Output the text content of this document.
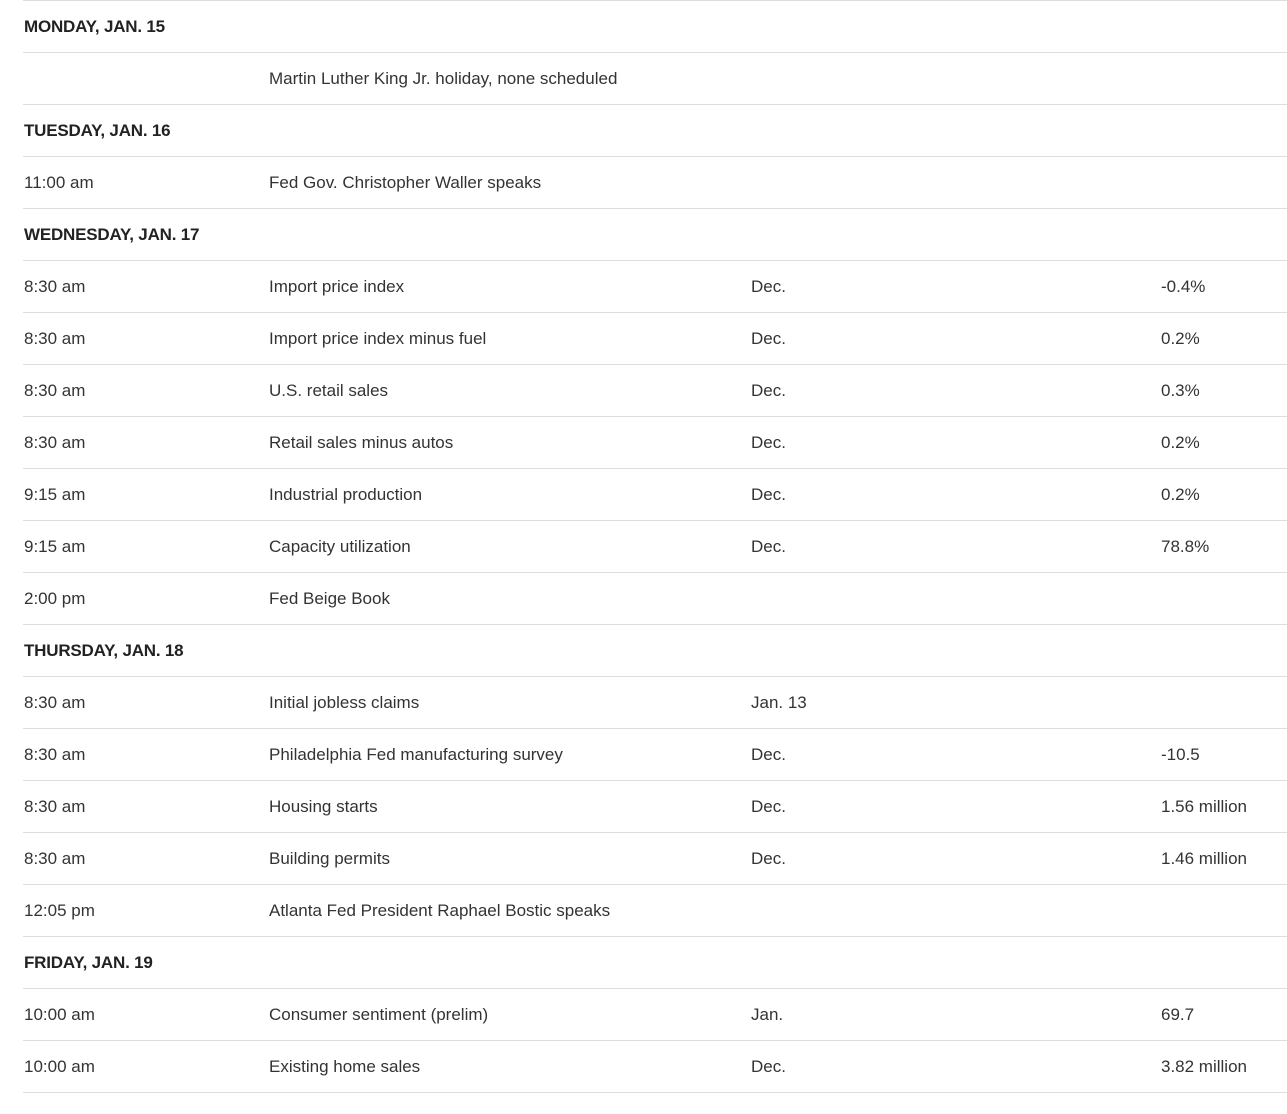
MONDAY, JAN. 15
Martin Luther King Jr. holiday, none scheduled
TUESDAY, JAN. 16
11:00 am	Fed Gov. Christopher Waller speaks
WEDNESDAY, JAN. 17
8:30 am	Import price index	Dec.	-0.4%
8:30 am	Import price index minus fuel	Dec.	0.2%
8:30 am	U.S. retail sales	Dec.	0.3%
8:30 am	Retail sales minus autos	Dec.	0.2%
9:15 am	Industrial production	Dec.	0.2%
9:15 am	Capacity utilization	Dec.	78.8%
2:00 pm	Fed Beige Book
THURSDAY, JAN. 18
8:30 am	Initial jobless claims	Jan. 13
8:30 am	Philadelphia Fed manufacturing survey	Dec.	-10.5
8:30 am	Housing starts	Dec.	1.56 million
8:30 am	Building permits	Dec.	1.46 million
12:05 pm	Atlanta Fed President Raphael Bostic speaks
FRIDAY, JAN. 19
10:00 am	Consumer sentiment (prelim)	Jan.	69.7
10:00 am	Existing home sales	Dec.	3.82 million
